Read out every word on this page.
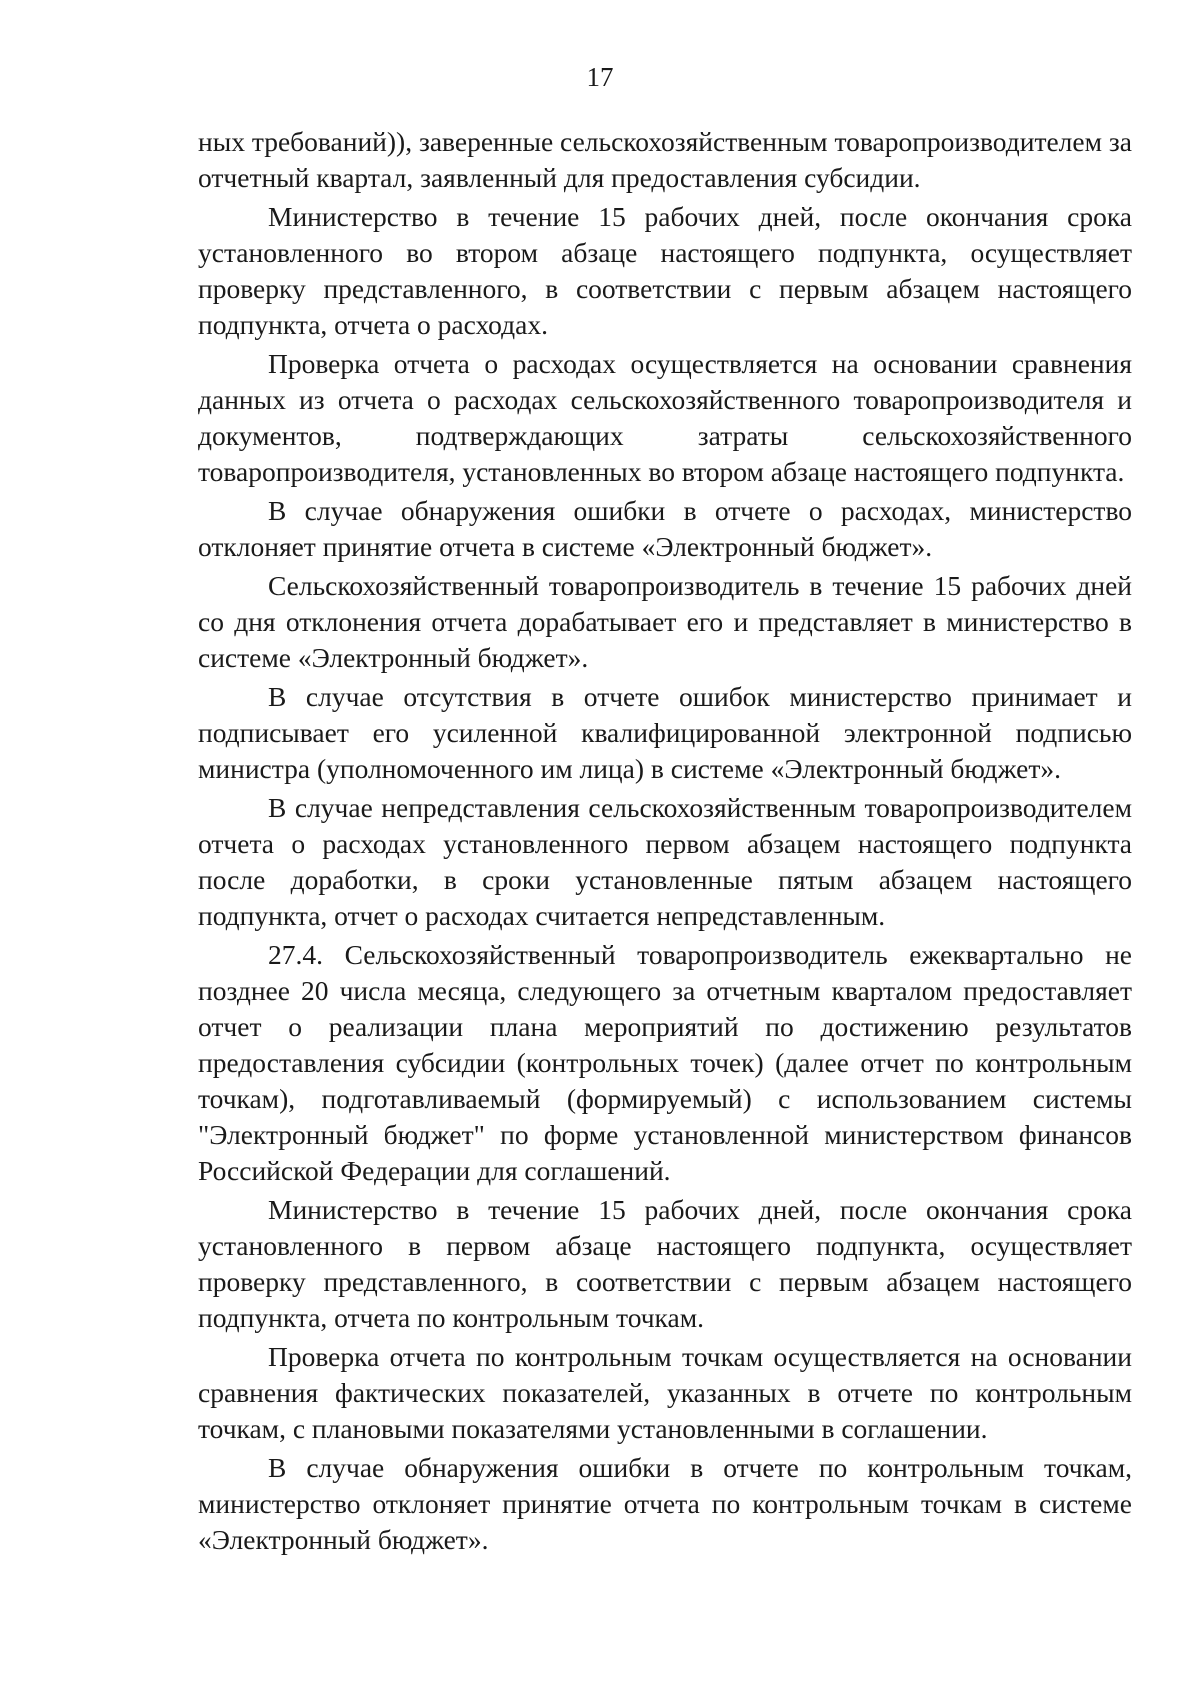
17

ных требований)), заверенные сельскохозяйственным товаропроизводителем за отчетный квартал, заявленный для предоставления субсидии.

Министерство в течение 15 рабочих дней, после окончания срока установленного во втором абзаце настоящего подпункта, осуществляет проверку представленного, в соответствии с первым абзацем настоящего подпункта, отчета о расходах.

Проверка отчета о расходах осуществляется на основании сравнения данных из отчета о расходах сельскохозяйственного товаропроизводителя и документов, подтверждающих затраты сельскохозяйственного товаропроизводителя, установленных во втором абзаце настоящего подпункта.

В случае обнаружения ошибки в отчете о расходах, министерство отклоняет принятие отчета в системе «Электронный бюджет».

Сельскохозяйственный товаропроизводитель в течение 15 рабочих дней со дня отклонения отчета дорабатывает его и представляет в министерство в системе «Электронный бюджет».

В случае отсутствия в отчете ошибок министерство принимает и подписывает его усиленной квалифицированной электронной подписью министра (уполномоченного им лица) в системе «Электронный бюджет».

В случае непредставления сельскохозяйственным товаропроизводителем отчета о расходах установленного первом абзацем настоящего подпункта после доработки, в сроки установленные пятым абзацем настоящего подпункта, отчет о расходах считается непредставленным.

27.4. Сельскохозяйственный товаропроизводитель ежеквартально не позднее 20 числа месяца, следующего за отчетным кварталом предоставляет отчет о реализации плана мероприятий по достижению результатов предоставления субсидии (контрольных точек) (далее отчет по контрольным точкам), подготавливаемый (формируемый) с использованием системы "Электронный бюджет" по форме установленной министерством финансов Российской Федерации для соглашений.

Министерство в течение 15 рабочих дней, после окончания срока установленного в первом абзаце настоящего подпункта, осуществляет проверку представленного, в соответствии с первым абзацем настоящего подпункта, отчета по контрольным точкам.

Проверка отчета по контрольным точкам осуществляется на основании сравнения фактических показателей, указанных в отчете по контрольным точкам, с плановыми показателями установленными в соглашении.

В случае обнаружения ошибки в отчете по контрольным точкам, министерство отклоняет принятие отчета по контрольным точкам в системе «Электронный бюджет».
